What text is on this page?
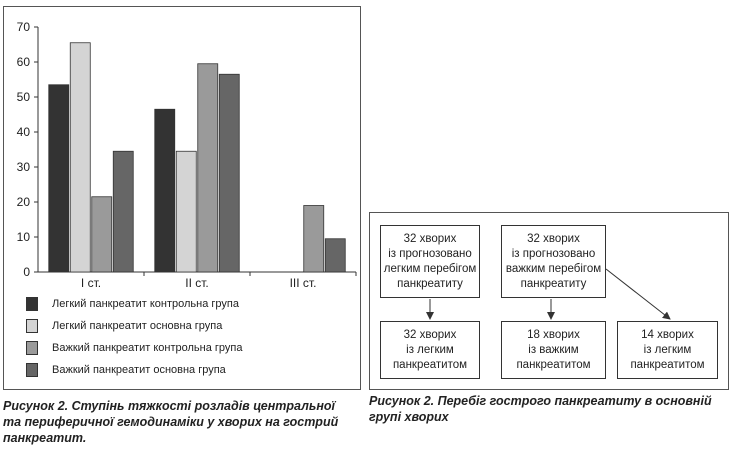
0
10
20
30
40
50
60
70
I ст.	II ст.	III ст.
Легкий панкреатит контрольна група
Легкий панкреатит основна група
Важкий панкреатит контрольна група
Важкий панкреатит основна група
Рисунок 2. Ступінь тяжкості розладів центральної та периферичної гемодинаміки у хворих на гострий панкреатит.
32 хворих
із прогнозовано
легким перебігом
панкреатиту
32 хворих
із прогнозовано
важким перебігом
панкреатиту
32 хворих
із легким
панкреатитом
18 хворих
із важким
панкреатитом
14 хворих
із легким
панкреатитом
Рисунок 2. Перебіг гострого панкреатиту в основній групі хворих
